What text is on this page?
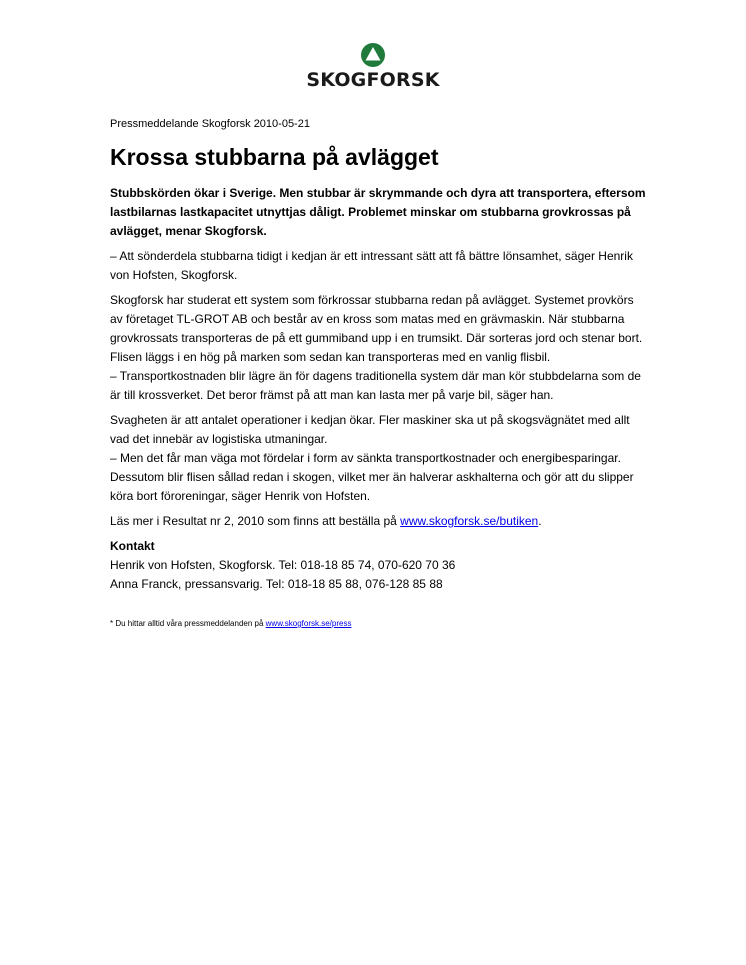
SKOGFORSK

Pressmeddelande Skogforsk 2010-05-21

Krossa stubbarna på avlägget

Stubbskörden ökar i Sverige. Men stubbar är skrymmande och dyra att transportera, eftersom lastbilarnas lastkapacitet utnyttjas dåligt. Problemet minskar om stubbarna grovkrossas på avlägget, menar Skogforsk.

– Att sönderdela stubbarna tidigt i kedjan är ett intressant sätt att få bättre lönsamhet, säger Henrik von Hofsten, Skogforsk.

Skogforsk har studerat ett system som förkrossar stubbarna redan på avlägget. Systemet provkörs av företaget TL-GROT AB och består av en kross som matas med en grävmaskin. När stubbarna grovkrossats transporteras de på ett gummiband upp i en trumsikt. Där sorteras jord och stenar bort. Flisen läggs i en hög på marken som sedan kan transporteras med en vanlig flisbil.

– Transportkostnaden blir lägre än för dagens traditionella system där man kör stubbdelarna som de är till krossverket. Det beror främst på att man kan lasta mer på varje bil, säger han.

Svagheten är att antalet operationer i kedjan ökar. Fler maskiner ska ut på skogsvägnätet med allt vad det innebär av logistiska utmaningar.

– Men det får man väga mot fördelar i form av sänkta transportkostnader och energibesparingar. Dessutom blir flisen sållad redan i skogen, vilket mer än halverar askhalterna och gör att du slipper köra bort föroreningar, säger Henrik von Hofsten.

Läs mer i Resultat nr 2, 2010 som finns att beställa på www.skogforsk.se/butiken.

Kontakt

Henrik von Hofsten, Skogforsk. Tel: 018-18 85 74, 070-620 70 36

Anna Franck, pressansvarig. Tel: 018-18 85 88, 076-128 85 88

* Du hittar alltid våra pressmeddelanden på www.skogforsk.se/press
